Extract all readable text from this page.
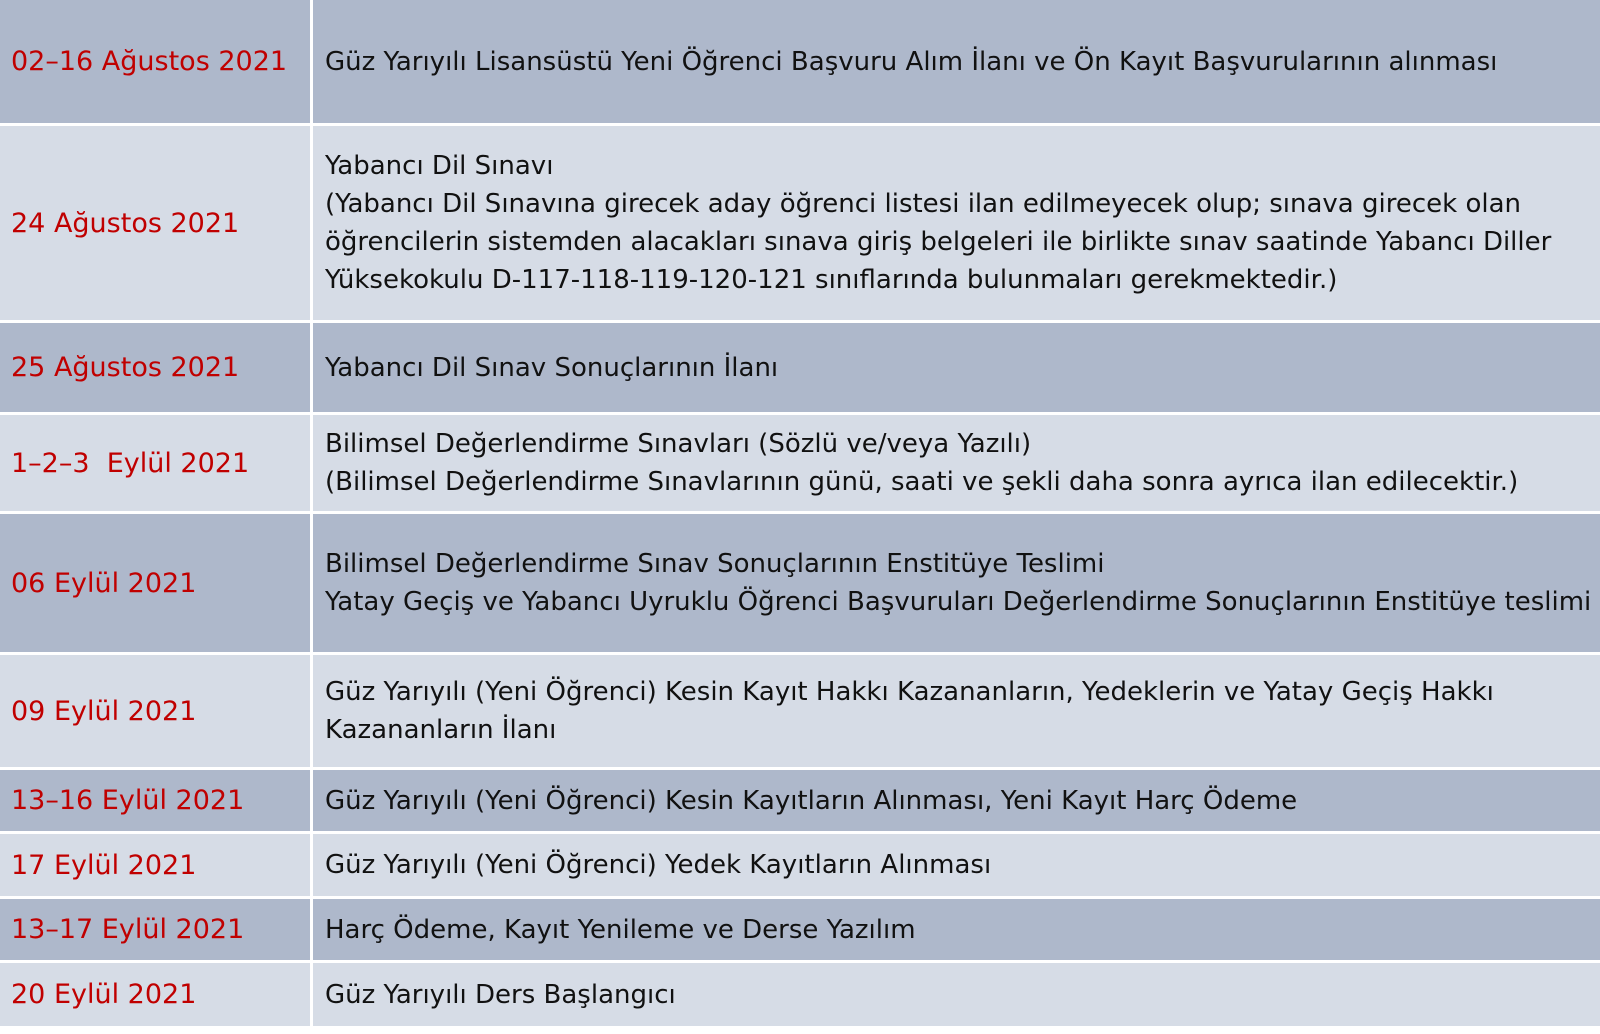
02–16 Ağustos 2021	Güz Yarıyılı Lisansüstü Yeni Öğrenci Başvuru Alım İlanı ve Ön Kayıt Başvurularının alınması

24 Ağustos 2021	Yabancı Dil Sınavı
(Yabancı Dil Sınavına girecek aday öğrenci listesi ilan edilmeyecek olup; sınava girecek olan öğrencilerin sistemden alacakları sınava giriş belgeleri ile birlikte sınav saatinde Yabancı Diller Yüksekokulu D-117-118-119-120-121 sınıflarında bulunmaları gerekmektedir.)

25 Ağustos 2021	Yabancı Dil Sınav Sonuçlarının İlanı

1–2–3  Eylül 2021	Bilimsel Değerlendirme Sınavları (Sözlü ve/veya Yazılı)
(Bilimsel Değerlendirme Sınavlarının günü, saati ve şekli daha sonra ayrıca ilan edilecektir.)

06 Eylül 2021	Bilimsel Değerlendirme Sınav Sonuçlarının Enstitüye Teslimi
Yatay Geçiş ve Yabancı Uyruklu Öğrenci Başvuruları Değerlendirme Sonuçlarının Enstitüye teslimi

09 Eylül 2021	Güz Yarıyılı (Yeni Öğrenci) Kesin Kayıt Hakkı Kazananların, Yedeklerin ve Yatay Geçiş Hakkı Kazananların İlanı

13–16 Eylül 2021	Güz Yarıyılı (Yeni Öğrenci) Kesin Kayıtların Alınması, Yeni Kayıt Harç Ödeme

17 Eylül 2021	Güz Yarıyılı (Yeni Öğrenci) Yedek Kayıtların Alınması

13–17 Eylül 2021	Harç Ödeme, Kayıt Yenileme ve Derse Yazılım

20 Eylül 2021	Güz Yarıyılı Ders Başlangıcı
